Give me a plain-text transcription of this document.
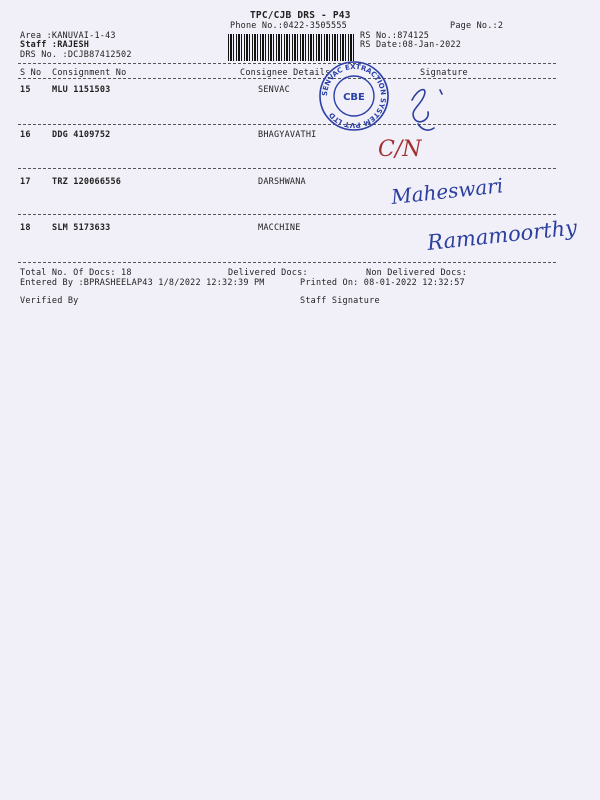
TPC/CJB DRS - P43
Phone No.:0422-3505555	Page No.:2
Area :KANUVAI-1-43
Staff :RAJESH
DRS No. :DCJB87412502
RS No.:874125
RS Date:08-Jan-2022
S No Consignment No	Consignee Details	Signature
15	MLU 1151503	SENVAC
16	DDG 4109752	BHAGYAVATHI
17	TRZ 120066556	DARSHWANA
18	SLM 5173633	MACCHINE
SENVAC EXTRACTION SYSTEM PVT LTD
CBE
C/N
Maheswari
Ramamoorthy
Total No. Of Docs: 18	Delivered Docs:	Non Delivered Docs:
Entered By :BPRASHEELAP43 1/8/2022 12:32:39 PM	Printed On: 08-01-2022 12:32:57
Verified By	Staff Signature
